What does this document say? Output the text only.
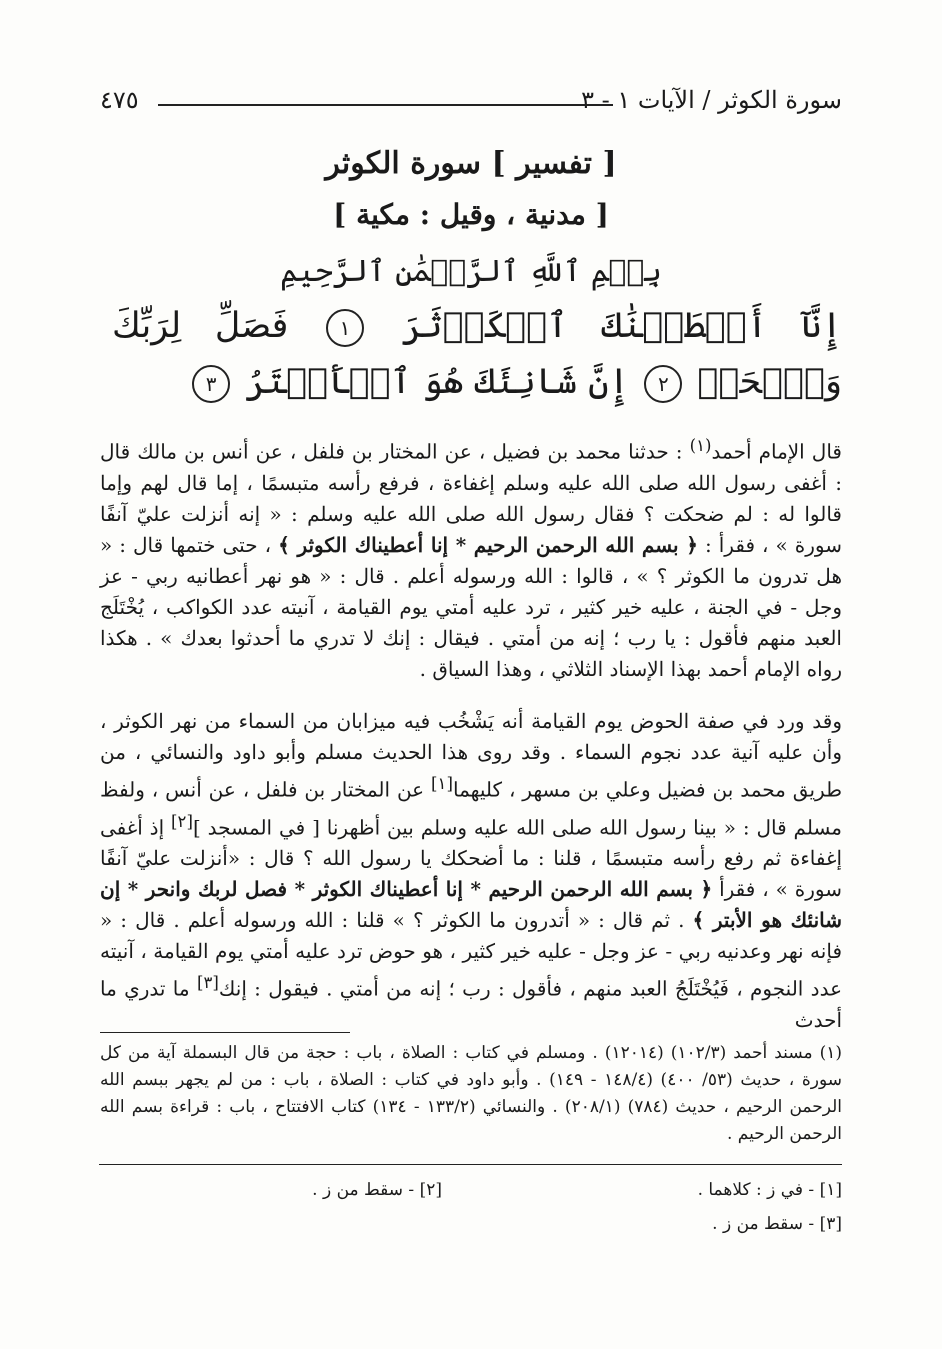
سورة الكوثر / الآيات ١ - ٣
٤٧٥
[ تفسير ] سورة الكوثر
[ مدنية ، وقيل : مكية ]
بِسۡمِ ٱللَّهِ ٱلرَّحۡمَٰنِ ٱلرَّحِيمِ
إِنَّآ أَعۡطَيۡنَٰكَ ٱلۡكَوۡثَرَ ١ فَصَلِّ لِرَبِّكَ وَٱنۡحَرۡ ٢ إِنَّ شَانِئَكَ هُوَ ٱلۡأَبۡتَرُ ٣
قال الإمام أحمد$^{(١)}$ : حدثنا محمد بن فضيل ، عن المختار بن فلفل ، عن أنس بن مالك قال : أغفى رسول الله صلى الله عليه وسلم إغفاءة ، فرفع رأسه متبسمًا ، إما قال لهم وإما قالوا له : لم ضحكت ؟ فقال رسول الله صلى الله عليه وسلم : « إنه أنزلت عليّ آنفًا سورة » ، فقرأ : ﴿ بسم الله الرحمن الرحيم * إنا أعطيناك الكوثر ﴾ ، حتى ختمها قال : « هل تدرون ما الكوثر ؟ » ، قالوا : الله ورسوله أعلم . قال : « هو نهر أعطانيه ربي - عز وجل - في الجنة ، عليه خير كثير ، ترد عليه أمتي يوم القيامة ، آنيته عدد الكواكب ، يُخْتَلَج العبد منهم فأقول : يا رب ؛ إنه من أمتي . فيقال : إنك لا تدري ما أحدثوا بعدك » . هكذا رواه الإمام أحمد بهذا الإسناد الثلاثي ، وهذا السياق .
وقد ورد في صفة الحوض يوم القيامة أنه يَشْخُب فيه ميزابان من السماء من نهر الكوثر ، وأن عليه آنية عدد نجوم السماء . وقد روى هذا الحديث مسلم وأبو داود والنسائي ، من طريق محمد بن فضيل وعلي بن مسهر ، كليهما[١] عن المختار بن فلفل ، عن أنس ، ولفظ مسلم قال : « بينا رسول الله صلى الله عليه وسلم بين أظهرنا [ في المسجد ][٢] إذ أغفى إغفاءة ثم رفع رأسه متبسمًا ، قلنا : ما أضحكك يا رسول الله ؟ قال : «أنزلت عليّ آنفًا سورة » ، فقرأ ﴿ بسم الله الرحمن الرحيم * إنا أعطيناك الكوثر * فصل لربك وانحر * إن شانئك هو الأبتر ﴾ . ثم قال : « أتدرون ما الكوثر ؟ » قلنا : الله ورسوله أعلم . قال : « فإنه نهر وعدنيه ربي - عز وجل - عليه خير كثير ، هو حوض ترد عليه أمتي يوم القيامة ، آنيته عدد النجوم ، فَيُخْتَلَجُ العبد منهم ، فأقول : رب ؛ إنه من أمتي . فيقول : إنك[٣] ما تدري ما أحدث
(١) مسند أحمد (١٠٢/٣) (١٢٠١٤) . ومسلم في كتاب : الصلاة ، باب : حجة من قال البسملة آية من كل سورة ، حديث (٥٣/ ٤٠٠) (١٤٨/٤ - ١٤٩) . وأبو داود في كتاب : الصلاة ، باب : من لم يجهر ببسم الله الرحمن الرحيم ، حديث (٧٨٤) (٢٠٨/١) . والنسائي (١٣٣/٢ - ١٣٤) كتاب الافتتاح ، باب : قراءة بسم الله الرحمن الرحيم .
[١] - في ز : كلاهما .
[٢] - سقط من ز .
[٣] - سقط من ز .
